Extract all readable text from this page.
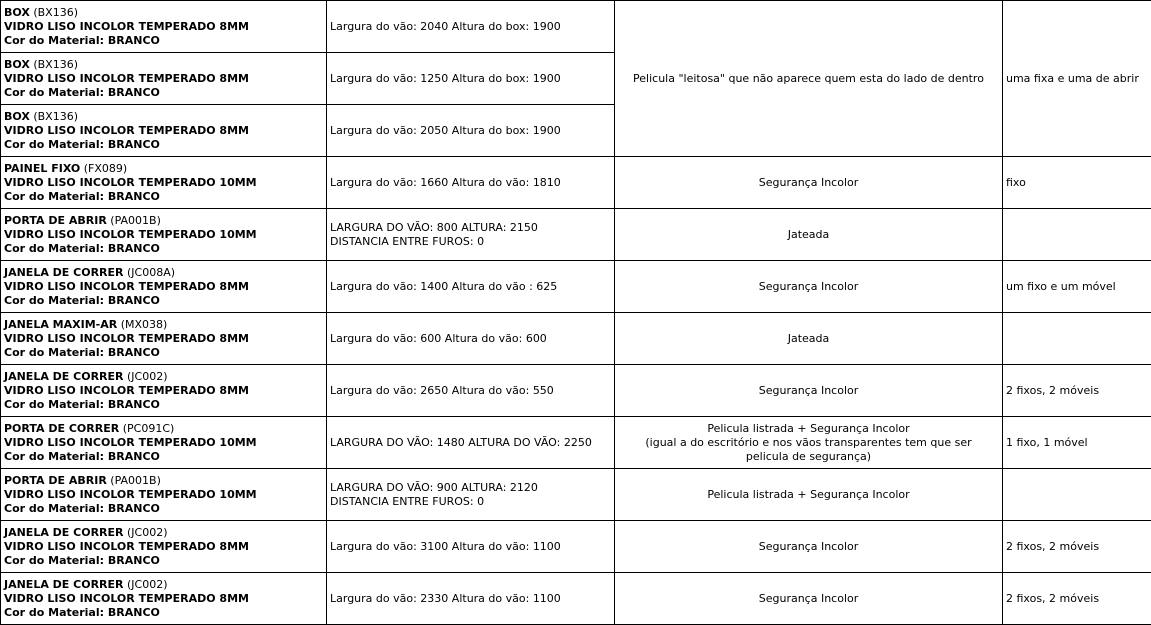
BOX (BX136)
VIDRO LISO INCOLOR TEMPERADO 8MM
Cor do Material: BRANCO	Largura do vão: 2040 Altura do box: 1900	Pelicula "leitosa" que não aparece quem esta do lado de dentro	uma fixa e uma de abrir

BOX (BX136)
VIDRO LISO INCOLOR TEMPERADO 8MM
Cor do Material: BRANCO	Largura do vão: 1250 Altura do box: 1900		

BOX (BX136)
VIDRO LISO INCOLOR TEMPERADO 8MM
Cor do Material: BRANCO	Largura do vão: 2050 Altura do box: 1900		

PAINEL FIXO (FX089)
VIDRO LISO INCOLOR TEMPERADO 10MM
Cor do Material: BRANCO	Largura do vão: 1660 Altura do vão: 1810	Segurança Incolor	fixo

PORTA DE ABRIR (PA001B)
VIDRO LISO INCOLOR TEMPERADO 10MM
Cor do Material: BRANCO	LARGURA DO VÃO: 800 ALTURA: 2150
DISTANCIA ENTRE FUROS: 0	Jateada	

JANELA DE CORRER (JC008A)
VIDRO LISO INCOLOR TEMPERADO 8MM
Cor do Material: BRANCO	Largura do vão: 1400 Altura do vão : 625	Segurança Incolor	um fixo e um móvel

JANELA MAXIM-AR (MX038)
VIDRO LISO INCOLOR TEMPERADO 8MM
Cor do Material: BRANCO	Largura do vão: 600 Altura do vão: 600	Jateada	

JANELA DE CORRER (JC002)
VIDRO LISO INCOLOR TEMPERADO 8MM
Cor do Material: BRANCO	Largura do vão: 2650 Altura do vão: 550	Segurança Incolor	2 fixos, 2 móveis

PORTA DE CORRER (PC091C)
VIDRO LISO INCOLOR TEMPERADO 10MM
Cor do Material: BRANCO	LARGURA DO VÃO: 1480 ALTURA DO VÃO: 2250	Pelicula listrada + Segurança Incolor
(igual a do escritório e nos vãos transparentes tem que ser
pelicula de segurança)	1 fixo, 1 móvel

PORTA DE ABRIR (PA001B)
VIDRO LISO INCOLOR TEMPERADO 10MM
Cor do Material: BRANCO	LARGURA DO VÃO: 900 ALTURA: 2120
DISTANCIA ENTRE FUROS: 0	Pelicula listrada + Segurança Incolor	

JANELA DE CORRER (JC002)
VIDRO LISO INCOLOR TEMPERADO 8MM
Cor do Material: BRANCO	Largura do vão: 3100 Altura do vão: 1100	Segurança Incolor	2 fixos, 2 móveis

JANELA DE CORRER (JC002)
VIDRO LISO INCOLOR TEMPERADO 8MM
Cor do Material: BRANCO	Largura do vão: 2330 Altura do vão: 1100	Segurança Incolor	2 fixos, 2 móveis
